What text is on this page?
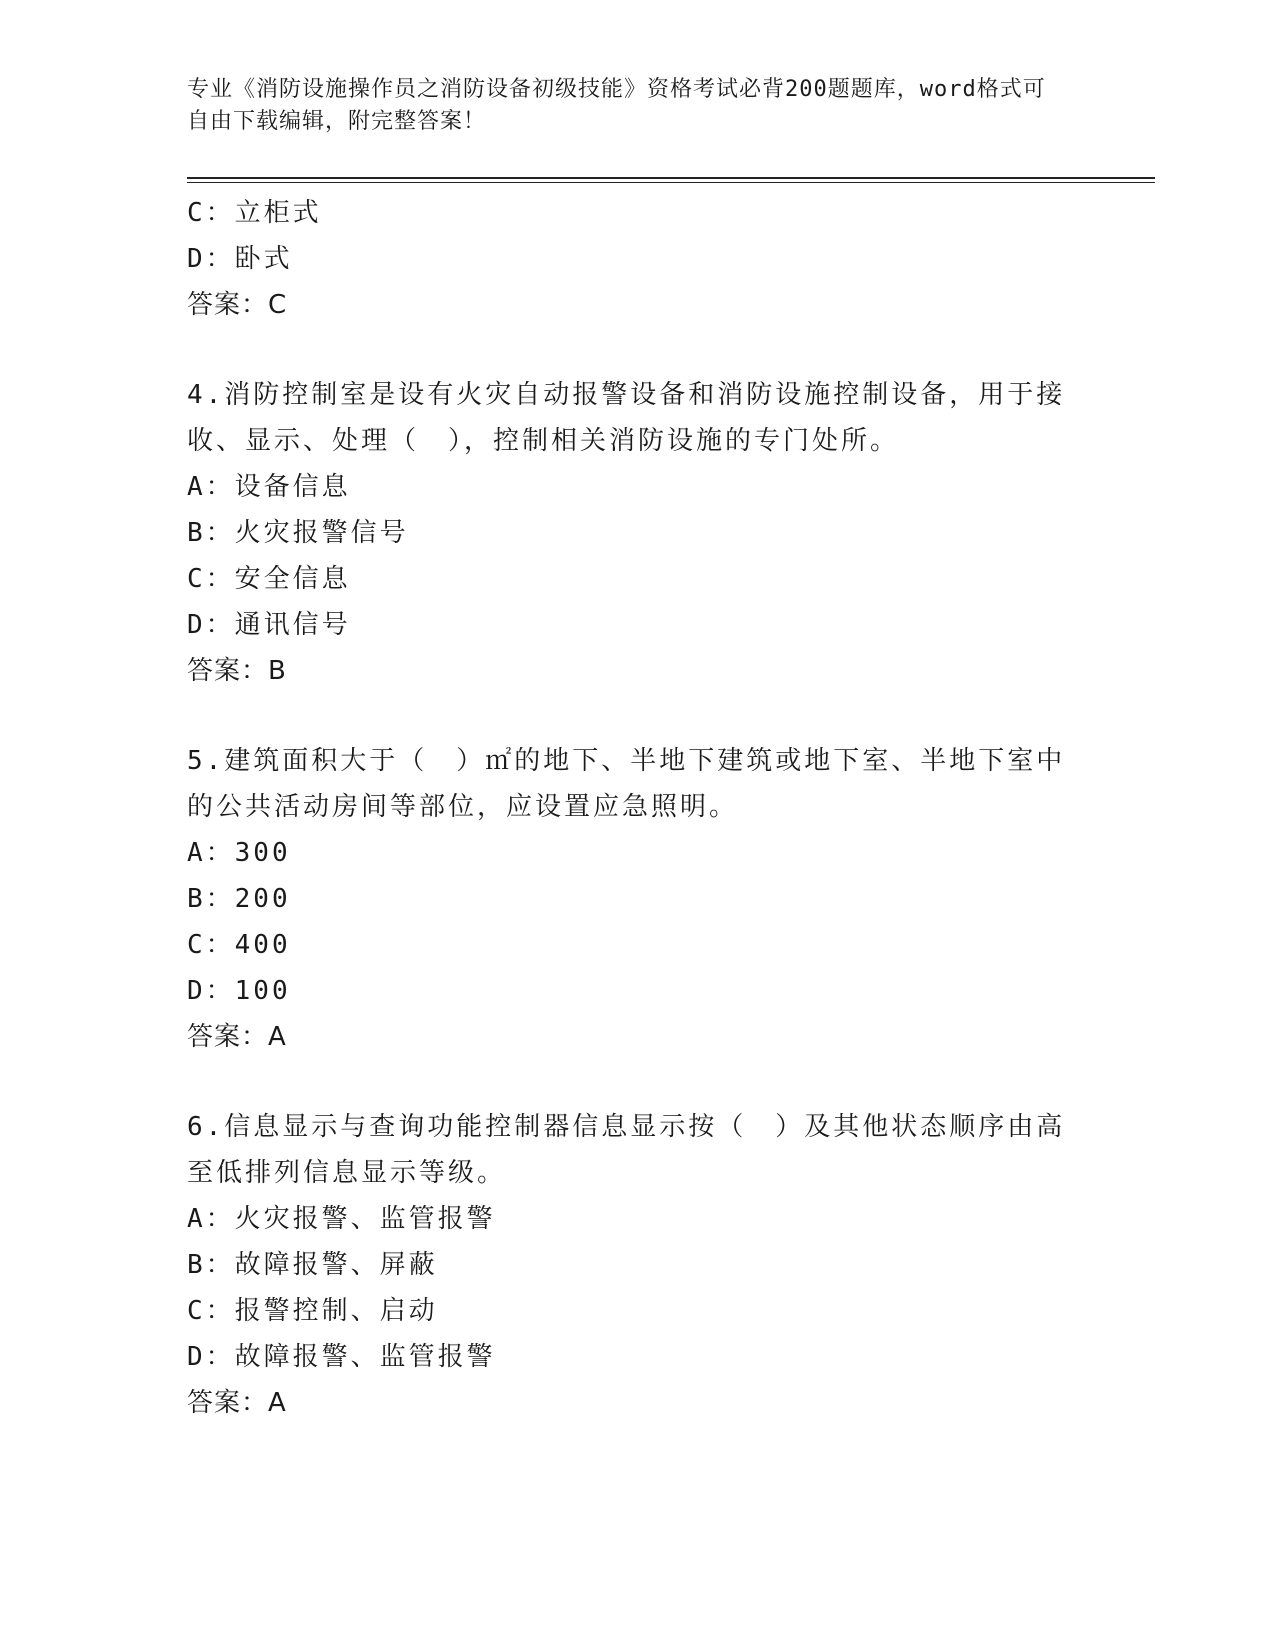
专业《消防设施操作员之消防设备初级技能》资格考试必背200题题库，word格式可自由下载编辑，附完整答案！
C：立柜式
D：卧式
答案：C
4.消防控制室是设有火灾自动报警设备和消防设施控制设备，用于接
收、显示、处理（　），控制相关消防设施的专门处所。
A：设备信息
B：火灾报警信号
C：安全信息
D：通讯信号
答案：B
5.建筑面积大于（　）㎡的地下、半地下建筑或地下室、半地下室中
的公共活动房间等部位，应设置应急照明。
A：300
B：200
C：400
D：100
答案：A
6.信息显示与查询功能控制器信息显示按（　）及其他状态顺序由高
至低排列信息显示等级。
A：火灾报警、监管报警
B：故障报警、屏蔽
C：报警控制、启动
D：故障报警、监管报警
答案：A
